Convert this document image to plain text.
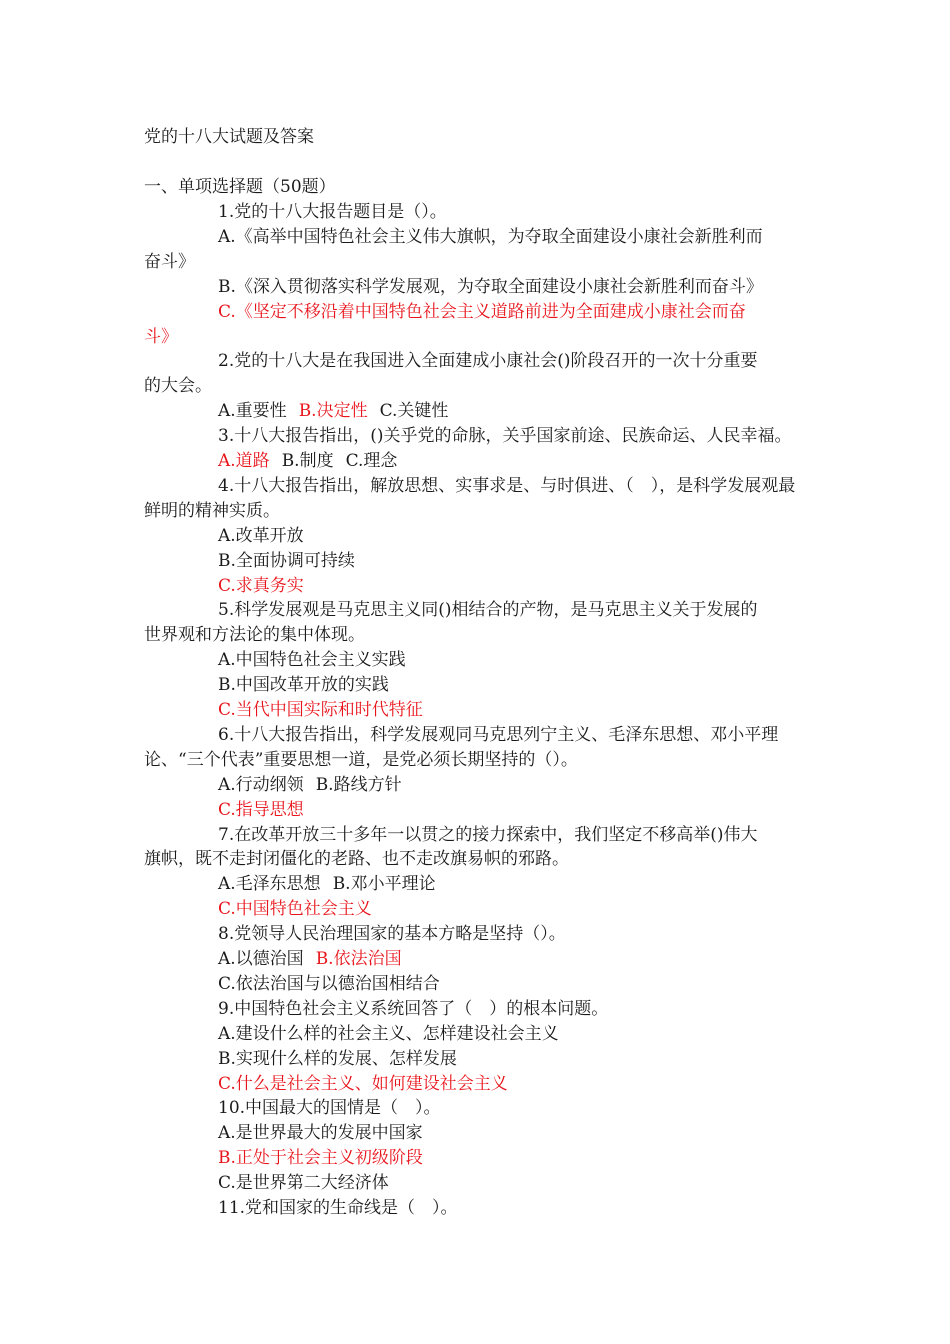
党的十八大试题及答案
一、单项选择题（50题）
1.党的十八大报告题目是（）。
A.《高举中国特色社会主义伟大旗帜，为夺取全面建设小康社会新胜利而
奋斗》
B.《深入贯彻落实科学发展观，为夺取全面建设小康社会新胜利而奋斗》
C.《坚定不移沿着中国特色社会主义道路前进为全面建成小康社会而奋
斗》
2.党的十八大是在我国进入全面建成小康社会()阶段召开的一次十分重要
的大会。
A.重要性 B.决定性 C.关键性
3.十八大报告指出，()关乎党的命脉，关乎国家前途、民族命运、人民幸福。
A.道路 B.制度 C.理念
4.十八大报告指出，解放思想、实事求是、与时俱进、（　），是科学发展观最
鲜明的精神实质。
A.改革开放
B.全面协调可持续
C.求真务实
5.科学发展观是马克思主义同()相结合的产物，是马克思主义关于发展的
世界观和方法论的集中体现。
A.中国特色社会主义实践
B.中国改革开放的实践
C.当代中国实际和时代特征
6.十八大报告指出，科学发展观同马克思列宁主义、毛泽东思想、邓小平理
论、“三个代表”重要思想一道，是党必须长期坚持的（）。
A.行动纲领 B.路线方针
C.指导思想
7.在改革开放三十多年一以贯之的接力探索中，我们坚定不移高举()伟大
旗帜，既不走封闭僵化的老路、也不走改旗易帜的邪路。
A.毛泽东思想 B.邓小平理论
C.中国特色社会主义
8.党领导人民治理国家的基本方略是坚持（）。
A.以德治国 B.依法治国
C.依法治国与以德治国相结合
9.中国特色社会主义系统回答了（　）的根本问题。
A.建设什么样的社会主义、怎样建设社会主义
B.实现什么样的发展、怎样发展
C.什么是社会主义、如何建设社会主义
10.中国最大的国情是（　）。
A.是世界最大的发展中国家
B.正处于社会主义初级阶段
C.是世界第二大经济体
11.党和国家的生命线是（　）。
